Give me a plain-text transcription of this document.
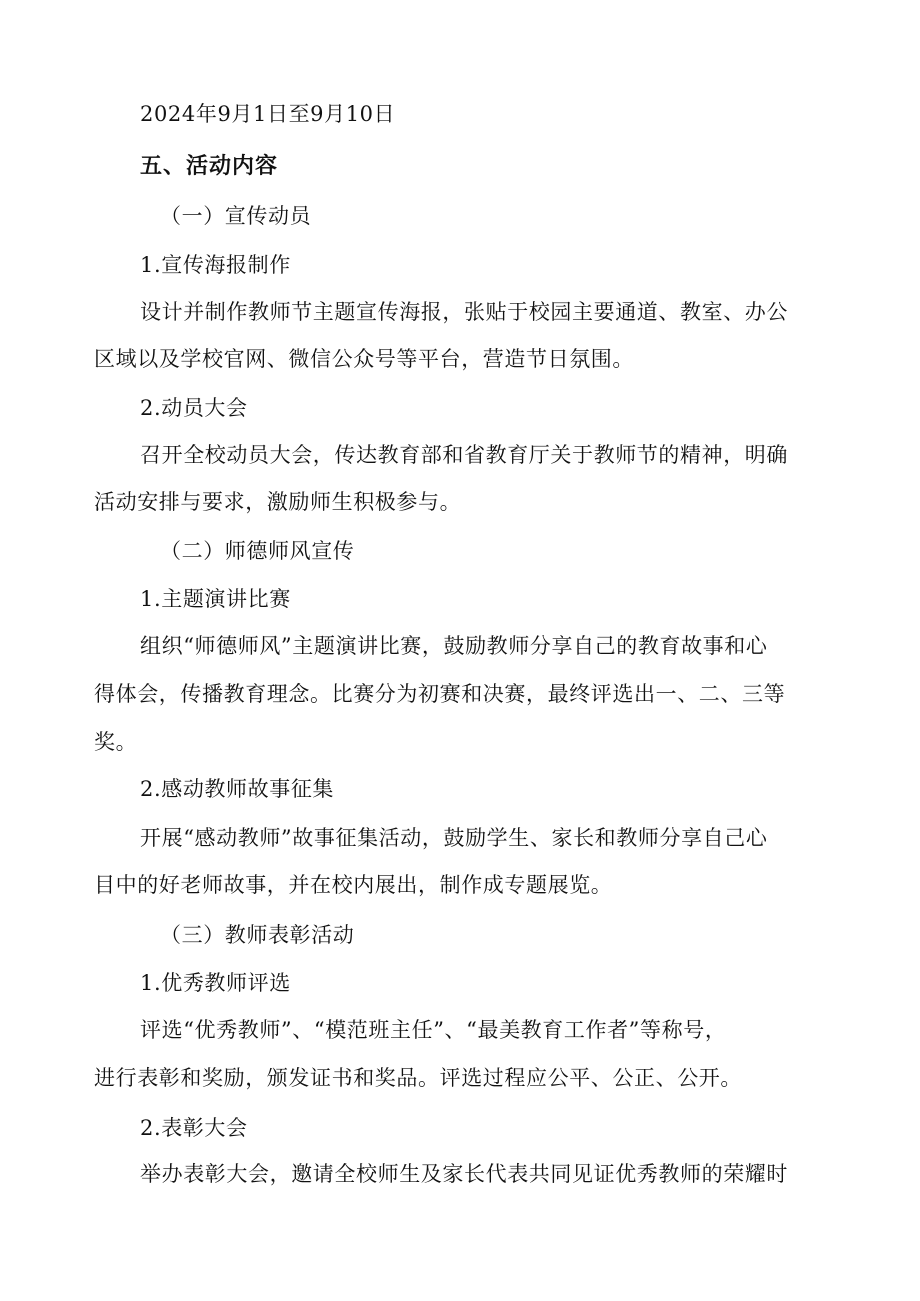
2024年9月1日至9月10日
五、活动内容
（一）宣传动员
1.宣传海报制作
设计并制作教师节主题宣传海报，张贴于校园主要通道、教室、办公
区域以及学校官网、微信公众号等平台，营造节日氛围。
2.动员大会
召开全校动员大会，传达教育部和省教育厅关于教师节的精神，明确
活动安排与要求，激励师生积极参与。
（二）师德师风宣传
1.主题演讲比赛
组织“师德师风”主题演讲比赛，鼓励教师分享自己的教育故事和心
得体会，传播教育理念。比赛分为初赛和决赛，最终评选出一、二、三等
奖。
2.感动教师故事征集
开展“感动教师”故事征集活动，鼓励学生、家长和教师分享自己心
目中的好老师故事，并在校内展出，制作成专题展览。
（三）教师表彰活动
1.优秀教师评选
评选“优秀教师”、“模范班主任”、“最美教育工作者”等称号，
进行表彰和奖励，颁发证书和奖品。评选过程应公平、公正、公开。
2.表彰大会
举办表彰大会，邀请全校师生及家长代表共同见证优秀教师的荣耀时
